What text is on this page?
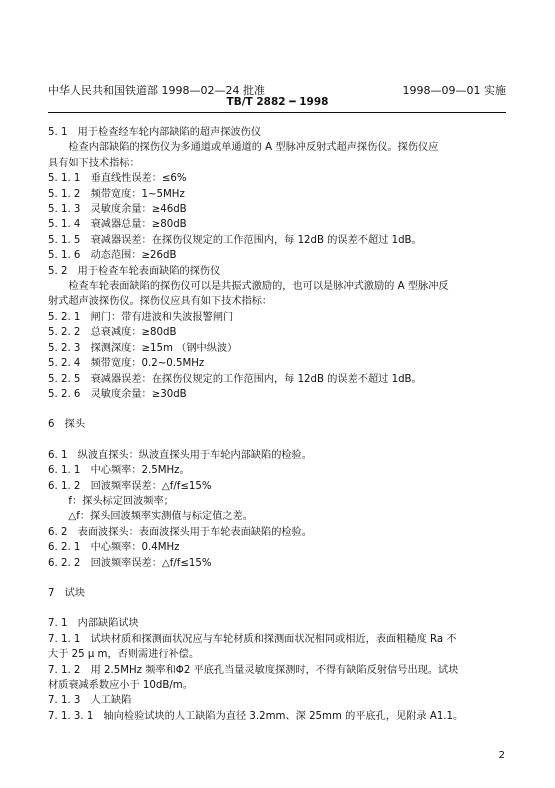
中华人民共和国铁道部 1998—02—24 批准	1998—09—01 实施
TB/T 2882 ━ 1998

5. 1　用于检查经车轮内部缺陷的超声探波伤仪

　　检查内部缺陷的探伤仪为多通道或单通道的 A 型脉冲反射式超声探伤仪。探伤仪应

具有如下技术指标：

5. 1. 1　垂直线性误差：≤6%

5. 1. 2　频带宽度：1~5MHz

5. 1. 3　灵敏度余量：≥46dB

5. 1. 4　衰减器总量：≥80dB

5. 1. 5　衰减器误差：在探伤仪规定的工作范围内，每 12dB 的误差不超过 1dB。

5. 1. 6　动态范围：≥26dB

5. 2　用于检查车轮表面缺陷的探伤仪

　　检查车轮表面缺陷的探伤仪可以是共振式激励的，也可以是脉冲式激励的 A 型脉冲反

射式超声波探伤仪。探伤仪应具有如下技术指标：

5. 2. 1　闸门：带有进波和失波报警闸门

5. 2. 2　总衰减度：≥80dB

5. 2. 3　探测深度：≥15m （钢中纵波）

5. 2. 4　频带宽度：0.2~0.5MHz

5. 2. 5　衰减器误差：在探伤仪规定的工作范围内，每 12dB 的误差不超过 1dB。

5. 2. 6　灵敏度余量：≥30dB

6　探头

6. 1　纵波直探头：纵波直探头用于车轮内部缺陷的检验。

6. 1. 1　中心频率：2.5MHz。

6. 1. 2　回波频率误差：△f/f≤15%

　　f：探头标定回波频率；

　　△f：探头回波频率实测值与标定值之差。

6. 2　表面波探头：表面波探头用于车轮表面缺陷的检验。

6. 2. 1　中心频率：0.4MHz

6. 2. 2　回波频率误差：△f/f≤15%

7　试块

7. 1　内部缺陷试块

7. 1. 1　试块材质和探测面状况应与车轮材质和探测面状况相同或相近，表面粗糙度 Ra 不

大于 25 μ m，否则需进行补偿。

7. 1. 2　用 2.5MHz 频率和Φ2 平底孔当量灵敏度探测时，不得有缺陷反射信号出现。试块

材质衰减系数应小于 10dB/m。

7. 1. 3　人工缺陷

7. 1. 3. 1　轴向检验试块的人工缺陷为直径 3.2mm、深 25mm 的平底孔，见附录 A1.1。

2
